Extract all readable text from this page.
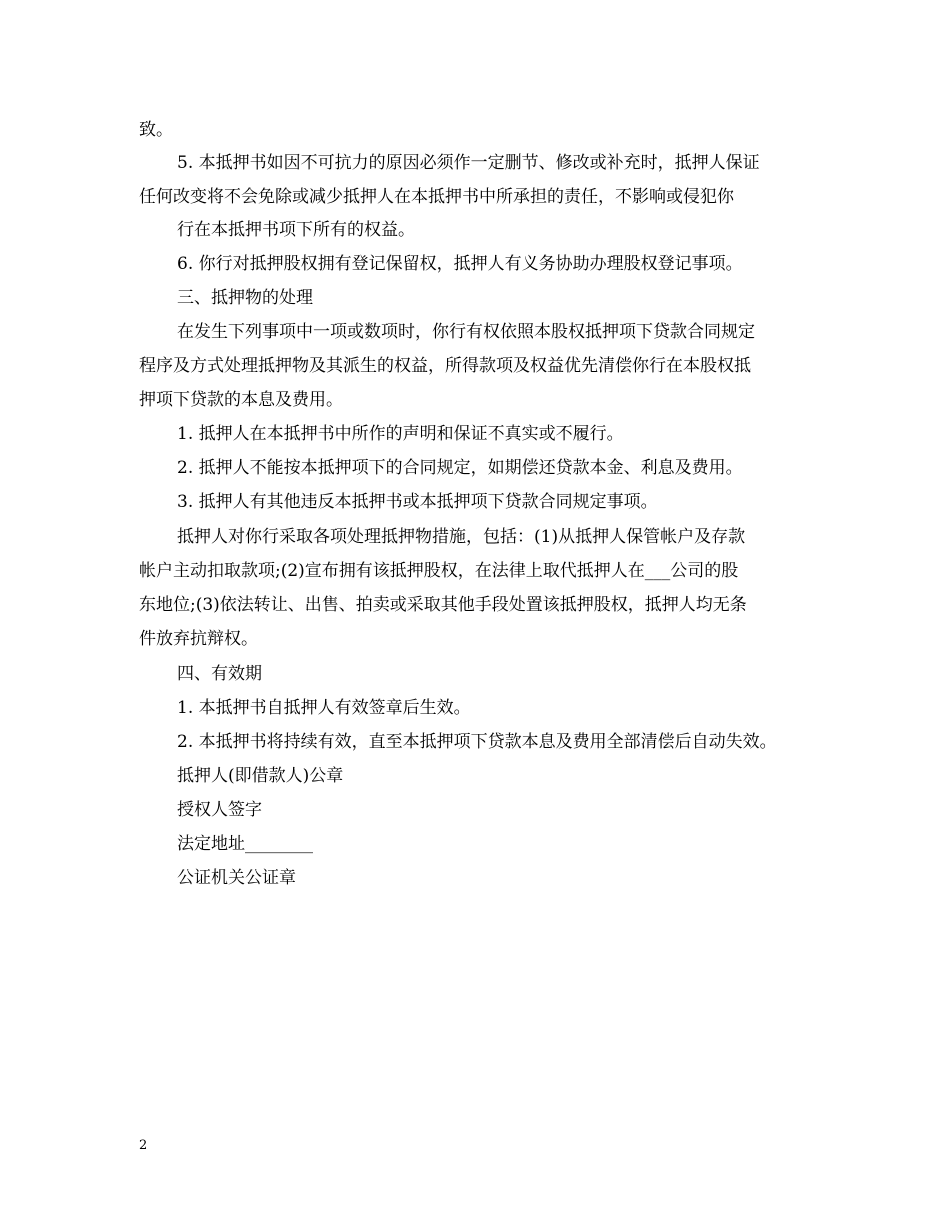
致。
5. 本抵押书如因不可抗力的原因必须作一定删节、修改或补充时，抵押人保证
任何改变将不会免除或减少抵押人在本抵押书中所承担的责任，不影响或侵犯你
行在本抵押书项下所有的权益。
6. 你行对抵押股权拥有登记保留权，抵押人有义务协助办理股权登记事项。
三、抵押物的处理
在发生下列事项中一项或数项时，你行有权依照本股权抵押项下贷款合同规定
程序及方式处理抵押物及其派生的权益，所得款项及权益优先清偿你行在本股权抵
押项下贷款的本息及费用。
1. 抵押人在本抵押书中所作的声明和保证不真实或不履行。
2. 抵押人不能按本抵押项下的合同规定，如期偿还贷款本金、利息及费用。
3. 抵押人有其他违反本抵押书或本抵押项下贷款合同规定事项。
抵押人对你行采取各项处理抵押物措施，包括：(1)从抵押人保管帐户及存款
帐户主动扣取款项;(2)宣布拥有该抵押股权，在法律上取代抵押人在___公司的股
东地位;(3)依法转让、出售、拍卖或采取其他手段处置该抵押股权，抵押人均无条
件放弃抗辩权。
四、有效期
1. 本抵押书自抵押人有效签章后生效。
2. 本抵押书将持续有效，直至本抵押项下贷款本息及费用全部清偿后自动失效。
抵押人(即借款人)公章
授权人签字
法定地址________
公证机关公证章
2
